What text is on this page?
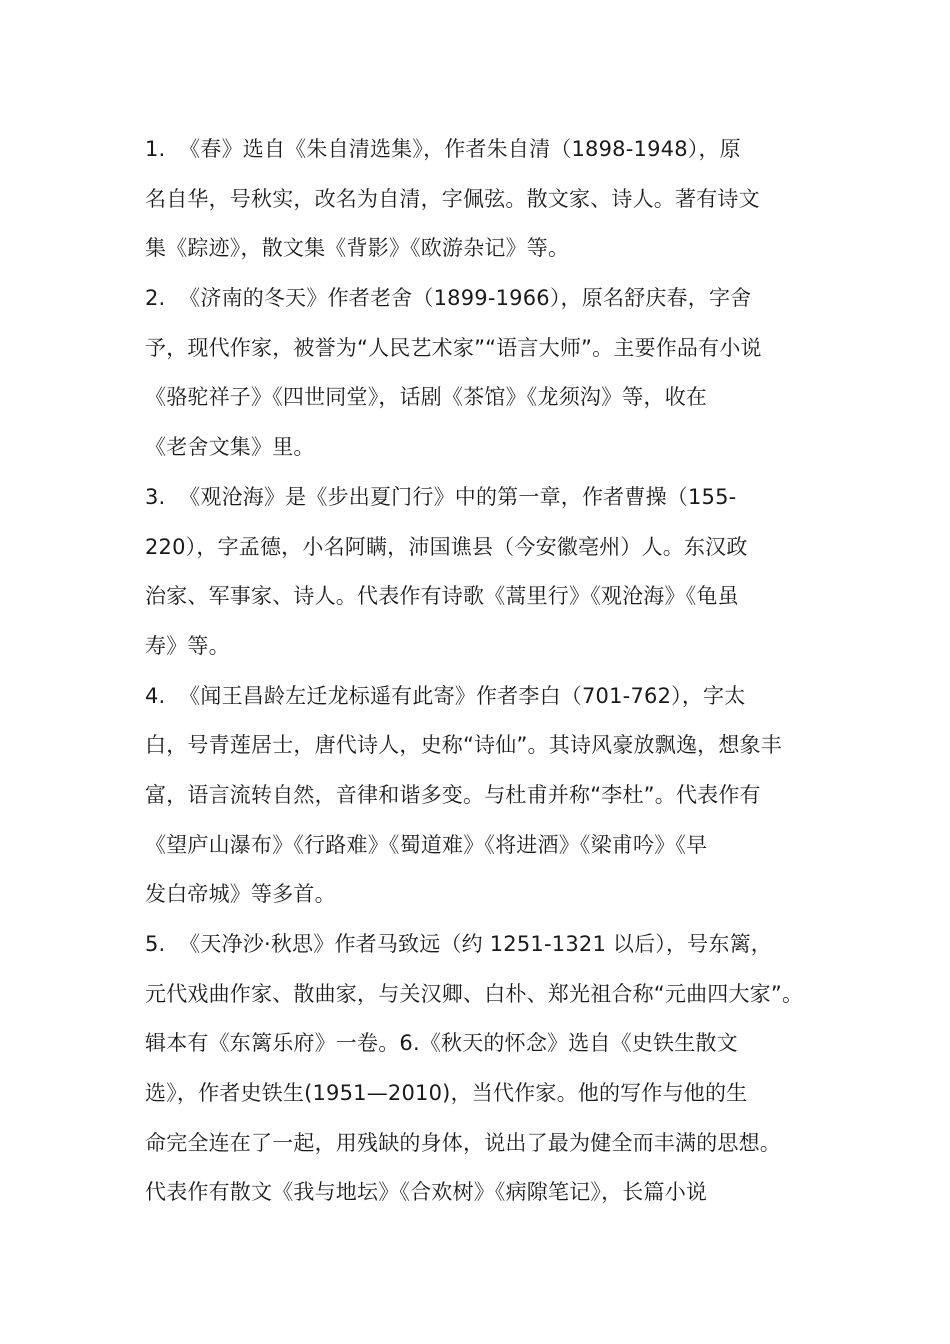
1.  《春》选自《朱自清选集》，作者朱自清（1898-1948），原
名自华，号秋实，改名为自清，字佩弦。散文家、诗人。著有诗文
集《踪迹》，散文集《背影》《欧游杂记》等。
2.  《济南的冬天》作者老舍（1899-1966），原名舒庆春，字舍
予，现代作家，被誉为“人民艺术家”“语言大师”。主要作品有小说
《骆驼祥子》《四世同堂》，话剧《茶馆》《龙须沟》等，收在
《老舍文集》里。
3.  《观沧海》是《步出夏门行》中的第一章，作者曹操（155-
220），字孟德，小名阿瞒，沛国谯县（今安徽亳州）人。东汉政
治家、军事家、诗人。代表作有诗歌《蒿里行》《观沧海》《龟虽
寿》等。
4.  《闻王昌龄左迁龙标遥有此寄》作者李白（701-762），字太
白，号青莲居士，唐代诗人，史称“诗仙”。其诗风豪放飘逸，想象丰
富，语言流转自然，音律和谐多变。与杜甫并称“李杜”。代表作有
《望庐山瀑布》《行路难》《蜀道难》《将进酒》《梁甫吟》《早
发白帝城》等多首。
5.  《天净沙·秋思》作者马致远（约 1251-1321 以后），号东篱，
元代戏曲作家、散曲家，与关汉卿、白朴、郑光祖合称“元曲四大家”。
辑本有《东篱乐府》一卷。6.《秋天的怀念》选自《史铁生散文
选》，作者史铁生(1951—2010)，当代作家。他的写作与他的生
命完全连在了一起，用残缺的身体，说出了最为健全而丰满的思想。
代表作有散文《我与地坛》《合欢树》《病隙笔记》，长篇小说
